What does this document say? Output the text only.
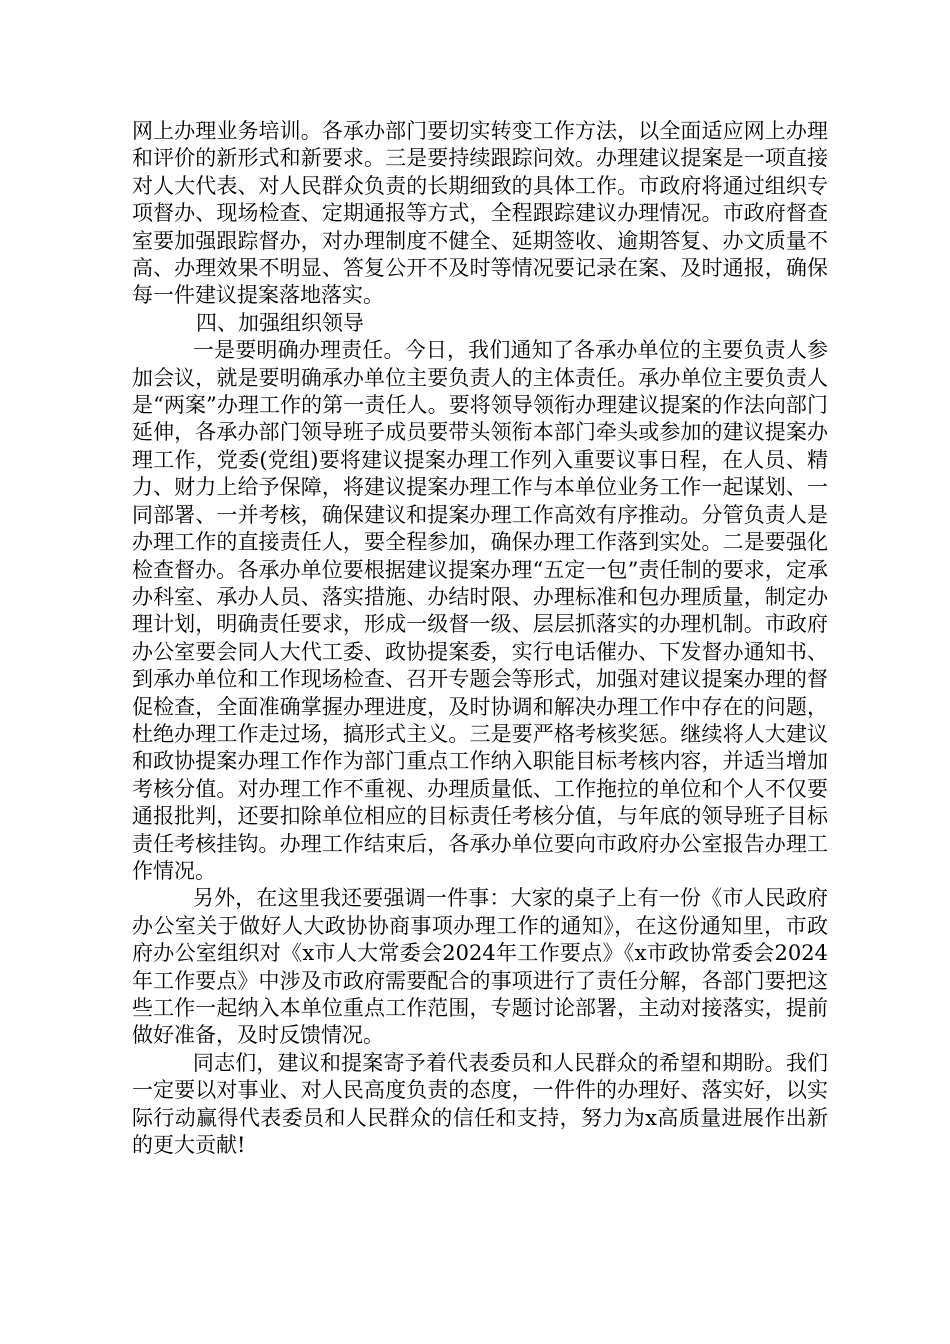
网上办理业务培训。各承办部门要切实转变工作方法，以全面适应网上办理和评价的新形式和新要求。三是要持续跟踪问效。办理建议提案是一项直接对人大代表、对人民群众负责的长期细致的具体工作。市政府将通过组织专项督办、现场检查、定期通报等方式，全程跟踪建议办理情况。市政府督查室要加强跟踪督办，对办理制度不健全、延期签收、逾期答复、办文质量不高、办理效果不明显、答复公开不及时等情况要记录在案、及时通报，确保每一件建议提案落地落实。

四、加强组织领导

一是要明确办理责任。今日，我们通知了各承办单位的主要负责人参加会议，就是要明确承办单位主要负责人的主体责任。承办单位主要负责人是“两案”办理工作的第一责任人。要将领导领衔办理建议提案的作法向部门延伸，各承办部门领导班子成员要带头领衔本部门牵头或参加的建议提案办理工作，党委(党组)要将建议提案办理工作列入重要议事日程，在人员、精力、财力上给予保障，将建议提案办理工作与本单位业务工作一起谋划、一同部署、一并考核，确保建议和提案办理工作高效有序推动。分管负责人是办理工作的直接责任人，要全程参加，确保办理工作落到实处。二是要强化检查督办。各承办单位要根据建议提案办理“五定一包”责任制的要求，定承办科室、承办人员、落实措施、办结时限、办理标准和包办理质量，制定办理计划，明确责任要求，形成一级督一级、层层抓落实的办理机制。市政府办公室要会同人大代工委、政协提案委，实行电话催办、下发督办通知书、到承办单位和工作现场检查、召开专题会等形式，加强对建议提案办理的督促检查，全面准确掌握办理进度，及时协调和解决办理工作中存在的问题，杜绝办理工作走过场，搞形式主义。三是要严格考核奖惩。继续将人大建议和政协提案办理工作作为部门重点工作纳入职能目标考核内容，并适当增加考核分值。对办理工作不重视、办理质量低、工作拖拉的单位和个人不仅要通报批判，还要扣除单位相应的目标责任考核分值，与年底的领导班子目标责任考核挂钩。办理工作结束后，各承办单位要向市政府办公室报告办理工作情况。

另外，在这里我还要强调一件事：大家的桌子上有一份《市人民政府办公室关于做好人大政协协商事项办理工作的通知》，在这份通知里，市政府办公室组织对《x市人大常委会2024年工作要点》《x市政协常委会2024年工作要点》中涉及市政府需要配合的事项进行了责任分解，各部门要把这些工作一起纳入本单位重点工作范围，专题讨论部署，主动对接落实，提前做好准备，及时反馈情况。

同志们，建议和提案寄予着代表委员和人民群众的希望和期盼。我们一定要以对事业、对人民高度负责的态度，一件件的办理好、落实好，以实际行动赢得代表委员和人民群众的信任和支持，努力为x高质量进展作出新的更大贡献!
